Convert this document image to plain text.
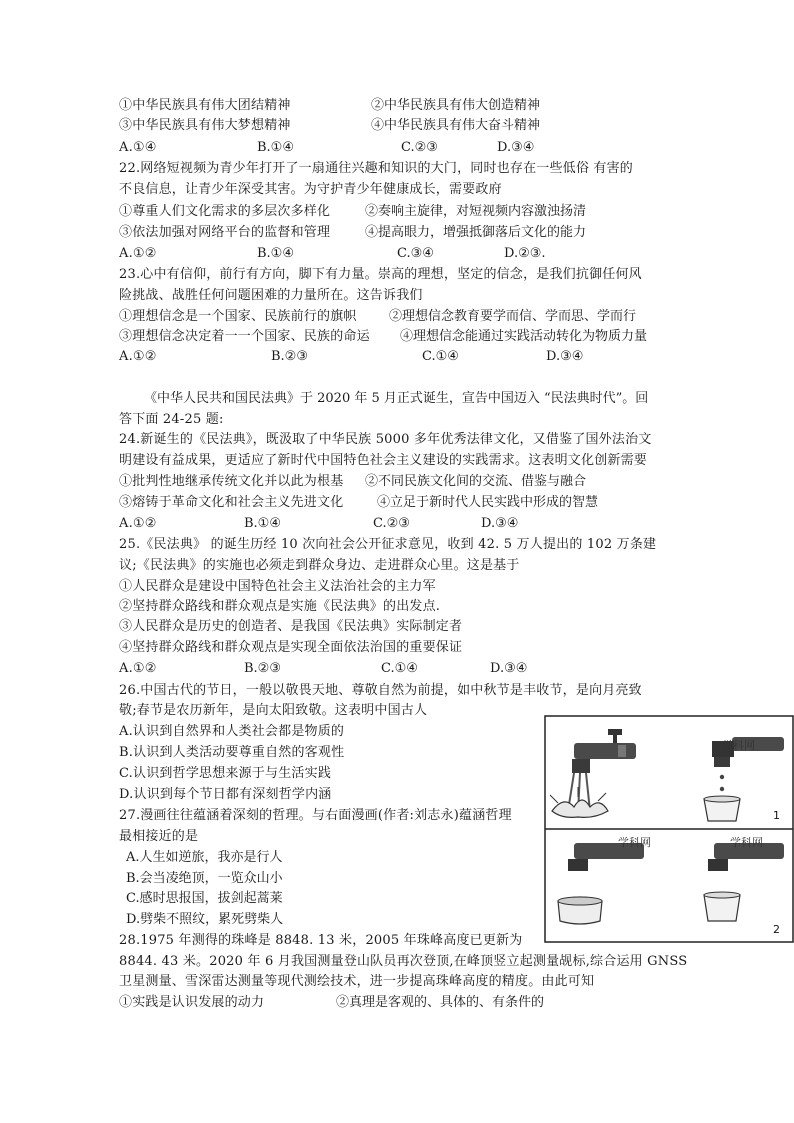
①中华民族具有伟大团结精神	②中华民族具有伟大创造精神
③中华民族具有伟大梦想精神	④中华民族具有伟大奋斗精神
A.①④	B.①④	C.②③	D.③④
22.网络短视频为青少年打开了一扇通往兴趣和知识的大门，同时也存在一些低俗 有害的
不良信息，让青少年深受其害。为守护青少年健康成长，需要政府
①尊重人们文化需求的多层次多样化	②奏响主旋律，对短视频内容激浊扬清
③依法加强对网络平台的监督和管理	④提高眼力，增强抵御落后文化的能力
A.①②	B.①④	C.③④	D.②③.
23.心中有信仰，前行有方向，脚下有力量。崇高的理想，坚定的信念，是我们抗御任何风
险挑战、战胜任何问题困难的力量所在。这告诉我们
①理想信念是一个国家、民族前行的旗帜 ②理想信念教育要学而信、学而思、学而行
③理想信念决定着一一个国家、民族的命运 ④理想信念能通过实践活动转化为物质力量
A.①②	B.②③	C.①④	D.③④
《中华人民共和国民法典》于 2020 年 5 月正式诞生，宣告中国迈入 “民法典时代”。回
答下面 24-25 题:
24.新诞生的《民法典》，既汲取了中华民族 5000 多年优秀法律文化，又借鉴了国外法治文
明建设有益成果，更适应了新时代中国特色社会主义建设的实践需求。这表明文化创新需要
①批判性地继承传统文化并以此为根基 ②不同民族文化间的交流、借鉴与融合
③熔铸于革命文化和社会主义先进文化	④立足于新时代人民实践中形成的智慧
A.①②	B.①④	C.②③	D.③④
25.《民法典》 的诞生历经 10 次向社会公开征求意见，收到 42. 5 万人提出的 102 万条建
议;《民法典》的实施也必须走到群众身边、走进群众心里。这是基于
①人民群众是建设中国特色社会主义法治社会的主力军
②坚持群众路线和群众观点是实施《民法典》的出发点.
③人民群众是历史的创造者、是我国《民法典》实际制定者
④坚持群众路线和群众观点是实现全面依法治国的重要保证
A.①②	B.②③	C.①④	D.③④
26.中国古代的节日，一般以敬畏天地、尊敬自然为前提，如中秋节是丰收节，是向月亮致
敬;春节是农历新年，是向太阳致敬。这表明中国古人
A.认识到自然界和人类社会都是物质的
B.认识到人类活动要尊重自然的客观性
C.认识到哲学思想来源于与生活实践
D.认识到每个节日都有深刻哲学内涵
27.漫画往往蕴涵着深刻的哲理。与右面漫画(作者:刘志永)蕴涵哲理
最相接近的是
A.人生如逆旅，我亦是行人
B.会当凌绝顶，一览众山小
C.感时思报国，拔剑起蒿莱
D.劈柴不照纹，累死劈柴人
28.1975 年测得的珠峰是 8848. 13 米，2005 年珠峰高度已更新为
8844. 43 米。2020 年 6 月我国测量登山队员再次登顶,在峰顶竖立起测量觇标,综合运用 GNSS
卫星测量、雪深雷达测量等现代测绘技术，进一步提高珠峰高度的精度。由此可知
①实践是认识发展的动力	②真理是客观的、具体的、有条件的
学科网
1
学科网	学科网
2
